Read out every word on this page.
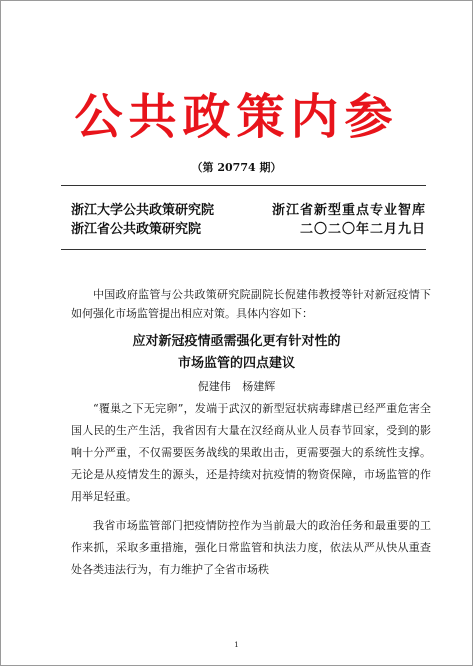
公共政策内参
（第 20774 期）
浙江大学公共政策研究院	浙江省新型重点专业智库
浙江省公共政策研究院	二〇二〇年二月九日
中国政府监管与公共政策研究院副院长倪建伟教授等针对新冠疫情下如何强化市场监管提出相应对策。具体内容如下：
应对新冠疫情亟需强化更有针对性的
市场监管的四点建议
倪建伟 杨建辉
“覆巢之下无完卵”，发端于武汉的新型冠状病毒肆虐已经严重危害全国人民的生产生活，我省因有大量在汉经商从业人员春节回家，受到的影响十分严重，不仅需要医务战线的果敢出击，更需要强大的系统性支撑。无论是从疫情发生的源头，还是持续对抗疫情的物资保障，市场监管的作用举足轻重。
我省市场监管部门把疫情防控作为当前最大的政治任务和最重要的工作来抓，采取多重措施，强化日常监管和执法力度，依法从严从快从重查处各类违法行为，有力维护了全省市场秩
1
